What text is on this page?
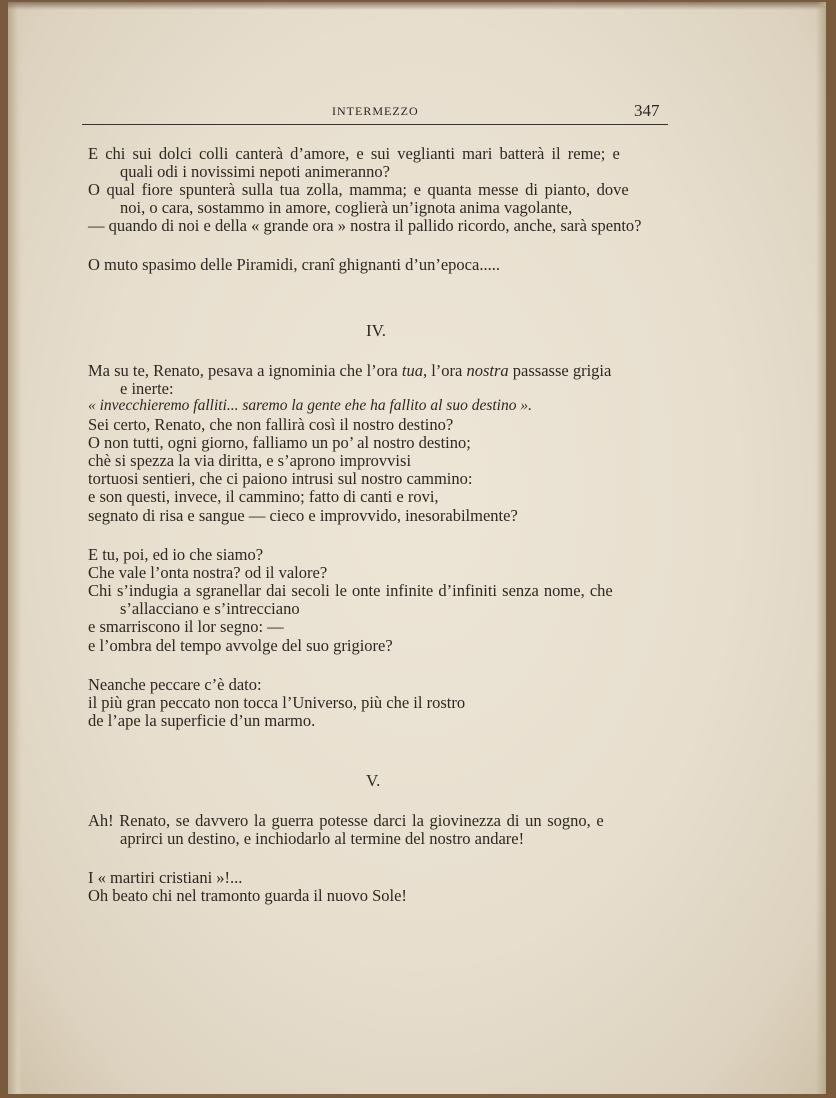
INTERMEZZO	347
E chi sui dolci colli canterà d’amore, e sui veglianti mari batterà il reme; e
quali odi i novissimi nepoti animeranno?
O qual fiore spunterà sulla tua zolla, mamma; e quanta messe di pianto, dove
noi, o cara, sostammo in amore, coglierà un’ignota anima vagolante,
— quando di noi e della « grande ora » nostra il pallido ricordo, anche, sarà spento?
O muto spasimo delle Piramidi, cranî ghignanti d’un’epoca.....
IV.
Ma su te, Renato, pesava a ignominia che l’ora tua, l’ora nostra passasse grigia
e inerte:
« invecchieremo falliti... saremo la gente ehe ha fallito al suo destino ».
Sei certo, Renato, che non fallirà così il nostro destino?
O non tutti, ogni giorno, falliamo un po’ al nostro destino;
chè si spezza la via diritta, e s’aprono improvvisi
tortuosi sentieri, che ci paiono intrusi sul nostro cammino:
e son questi, invece, il cammino; fatto di canti e rovi,
segnato di risa e sangue — cieco e improvvido, inesorabilmente?
E tu, poi, ed io che siamo?
Che vale l’onta nostra? od il valore?
Chi s’indugia a sgranellar dai secoli le onte infinite d’infiniti senza nome, che
s’allacciano e s’intrecciano
e smarriscono il lor segno: —
e l’ombra del tempo avvolge del suo grigiore?
Neanche peccare c’è dato:
il più gran peccato non tocca l’Universo, più che il rostro
de l’ape la superficie d’un marmo.
V.
Ah! Renato, se davvero la guerra potesse darci la giovinezza di un sogno, e
aprirci un destino, e inchiodarlo al termine del nostro andare!
I « martiri cristiani »!...
Oh beato chi nel tramonto guarda il nuovo Sole!
